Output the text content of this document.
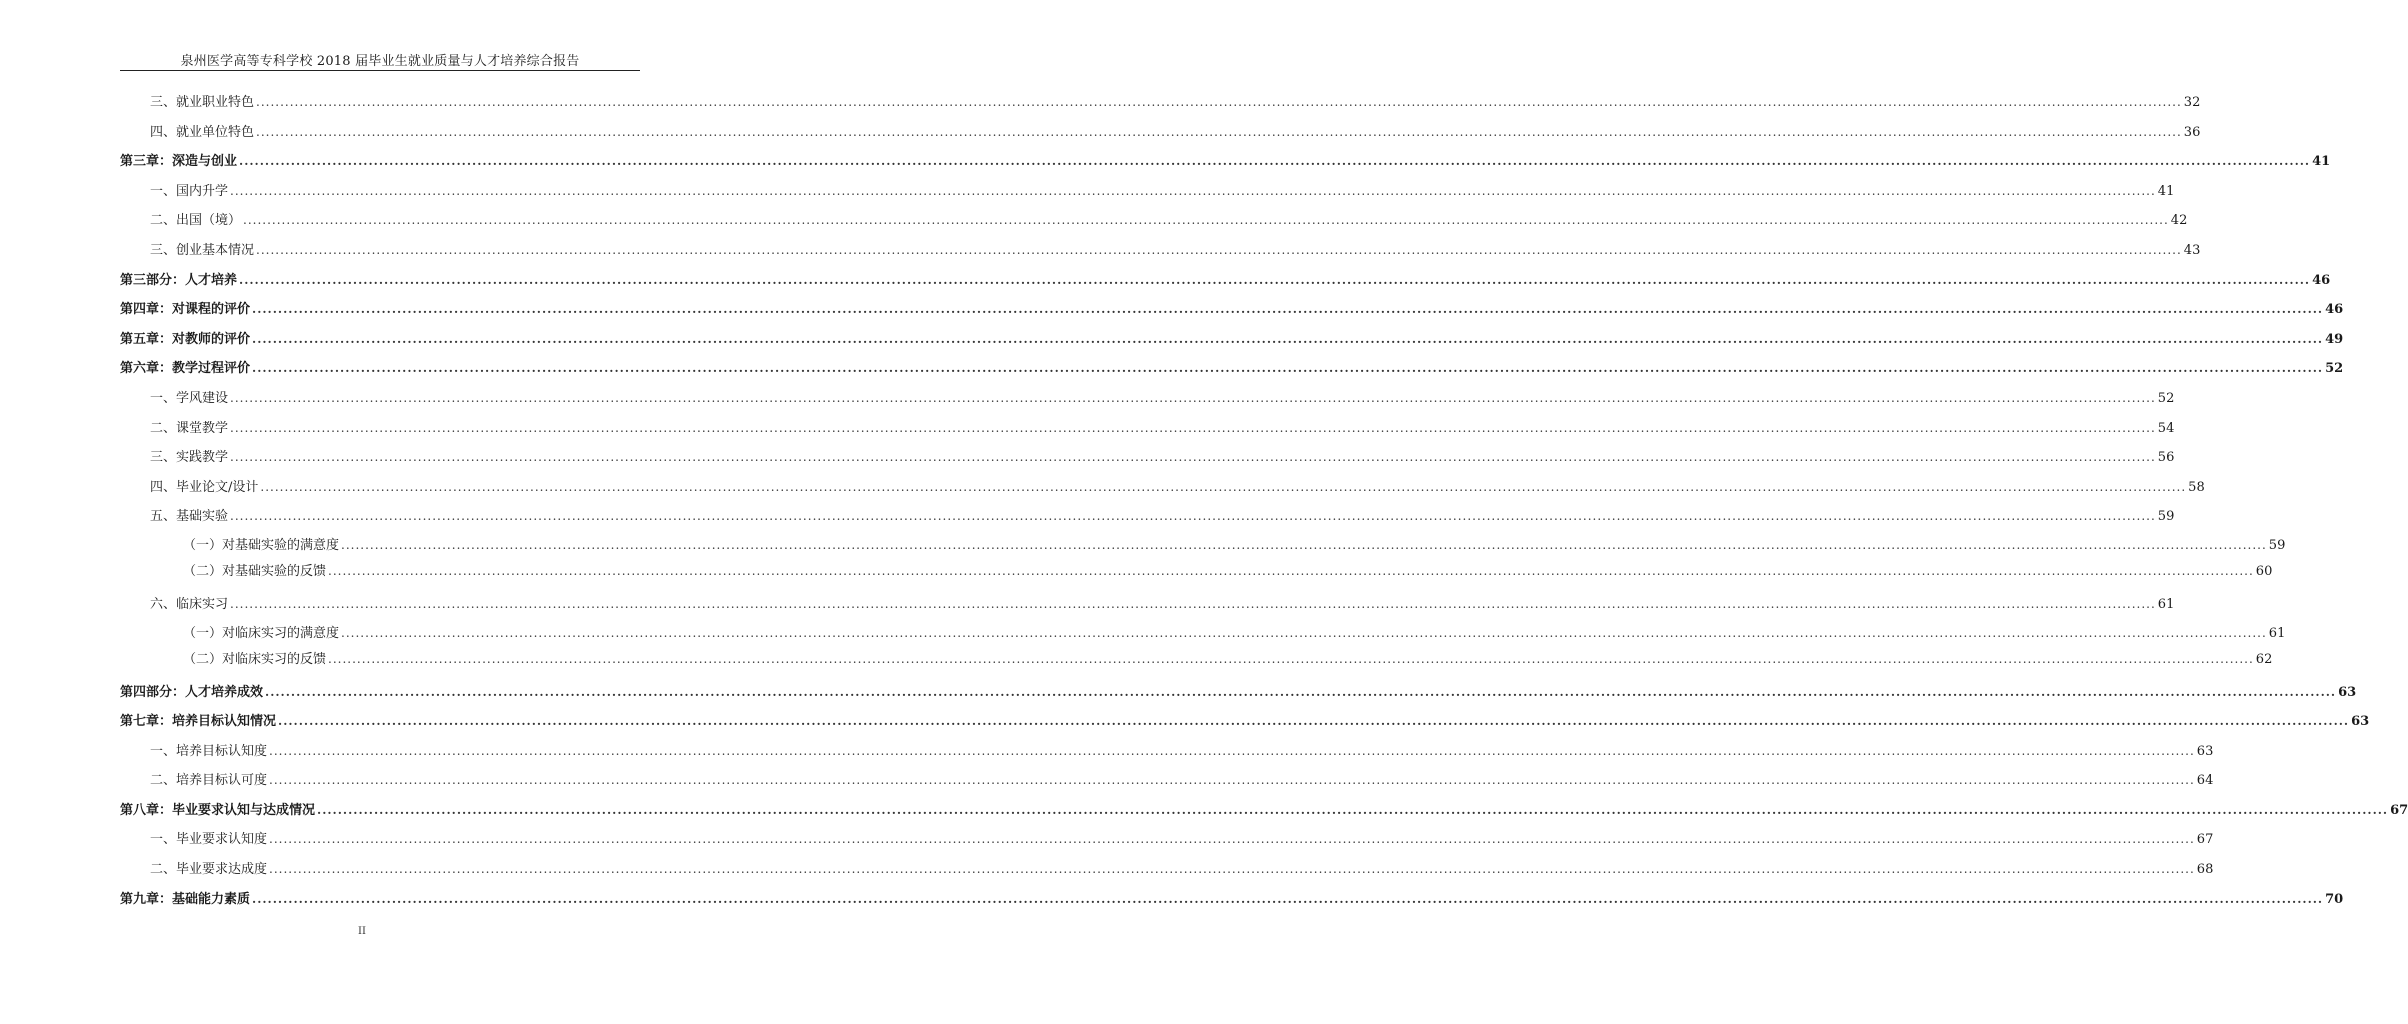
泉州医学高等专科学校 2018 届毕业生就业质量与人才培养综合报告
三、就业职业特色 ................................................................................................................................................................................................................................................................................................................................................................................................................ 32
四、就业单位特色 ................................................................................................................................................................................................................................................................................................................................................................................................................ 36
第三章：深造与创业 ................................................................................................................................................................................................................................................................................................................................................................................................................ 41
一、国内升学 ................................................................................................................................................................................................................................................................................................................................................................................................................ 41
二、出国（境） ................................................................................................................................................................................................................................................................................................................................................................................................................ 42
三、创业基本情况 ................................................................................................................................................................................................................................................................................................................................................................................................................ 43
第三部分：人才培养 ................................................................................................................................................................................................................................................................................................................................................................................................................ 46
第四章：对课程的评价 ................................................................................................................................................................................................................................................................................................................................................................................................................ 46
第五章：对教师的评价 ................................................................................................................................................................................................................................................................................................................................................................................................................ 49
第六章：教学过程评价 ................................................................................................................................................................................................................................................................................................................................................................................................................ 52
一、学风建设 ................................................................................................................................................................................................................................................................................................................................................................................................................ 52
二、课堂教学 ................................................................................................................................................................................................................................................................................................................................................................................................................ 54
三、实践教学 ................................................................................................................................................................................................................................................................................................................................................................................................................ 56
四、毕业论文/设计 ................................................................................................................................................................................................................................................................................................................................................................................................................ 58
五、基础实验 ................................................................................................................................................................................................................................................................................................................................................................................................................ 59
（一）对基础实验的满意度 ................................................................................................................................................................................................................................................................................................................................................................................................................ 59
（二）对基础实验的反馈 ................................................................................................................................................................................................................................................................................................................................................................................................................ 60
六、临床实习 ................................................................................................................................................................................................................................................................................................................................................................................................................ 61
（一）对临床实习的满意度 ................................................................................................................................................................................................................................................................................................................................................................................................................ 61
（二）对临床实习的反馈 ................................................................................................................................................................................................................................................................................................................................................................................................................ 62
第四部分：人才培养成效 ................................................................................................................................................................................................................................................................................................................................................................................................................ 63
第七章：培养目标认知情况 ................................................................................................................................................................................................................................................................................................................................................................................................................ 63
一、培养目标认知度 ................................................................................................................................................................................................................................................................................................................................................................................................................ 63
二、培养目标认可度 ................................................................................................................................................................................................................................................................................................................................................................................................................ 64
第八章：毕业要求认知与达成情况 ................................................................................................................................................................................................................................................................................................................................................................................................................ 67
一、毕业要求认知度 ................................................................................................................................................................................................................................................................................................................................................................................................................ 67
二、毕业要求达成度 ................................................................................................................................................................................................................................................................................................................................................................................................................ 68
第九章：基础能力素质 ................................................................................................................................................................................................................................................................................................................................................................................................................ 70
II
